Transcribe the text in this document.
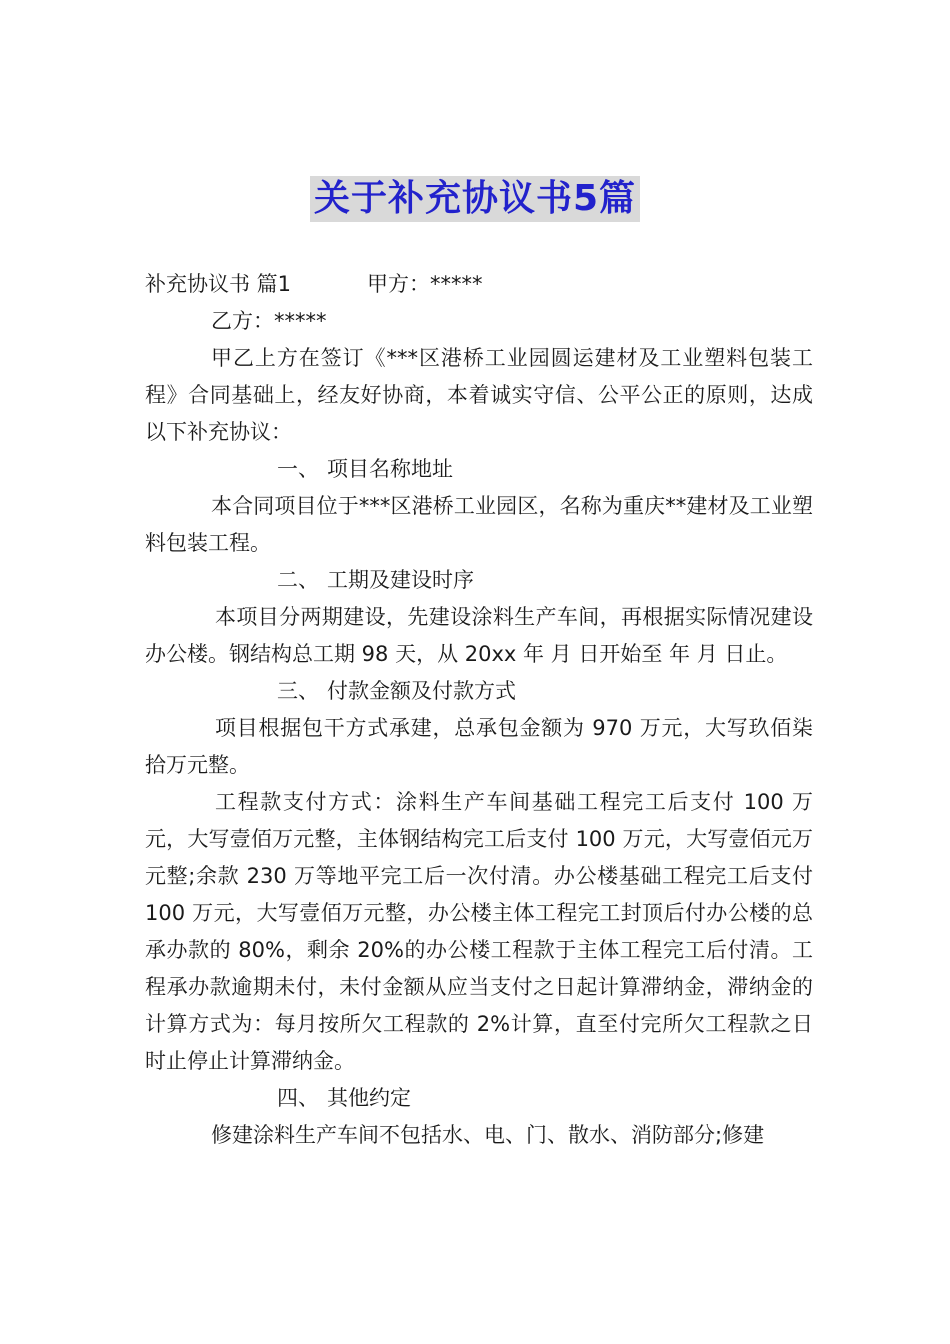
关于补充协议书5篇

补充协议书 篇1	甲方：*****

乙方：*****

甲乙上方在签订《***区港桥工业园圆运建材及工业塑料包装工程》合同基础上，经友好协商，本着诚实守信、公平公正的原则，达成以下补充协议：

一、 项目名称地址

本合同项目位于***区港桥工业园区，名称为重庆**建材及工业塑料包装工程。

二、 工期及建设时序

本项目分两期建设，先建设涂料生产车间，再根据实际情况建设办公楼。钢结构总工期 98 天，从 20xx 年 月 日开始至 年 月 日止。

三、 付款金额及付款方式

项目根据包干方式承建，总承包金额为 970 万元，大写玖佰柒拾万元整。

工程款支付方式：涂料生产车间基础工程完工后支付 100 万元，大写壹佰万元整，主体钢结构完工后支付 100 万元，大写壹佰元万元整;余款 230 万等地平完工后一次付清。办公楼基础工程完工后支付 100 万元，大写壹佰万元整，办公楼主体工程完工封顶后付办公楼的总承办款的 80%，剩余 20%的办公楼工程款于主体工程完工后付清。工程承办款逾期未付，未付金额从应当支付之日起计算滞纳金，滞纳金的计算方式为：每月按所欠工程款的 2%计算，直至付完所欠工程款之日时止停止计算滞纳金。

四、 其他约定

修建涂料生产车间不包括水、电、门、散水、消防部分;修建
